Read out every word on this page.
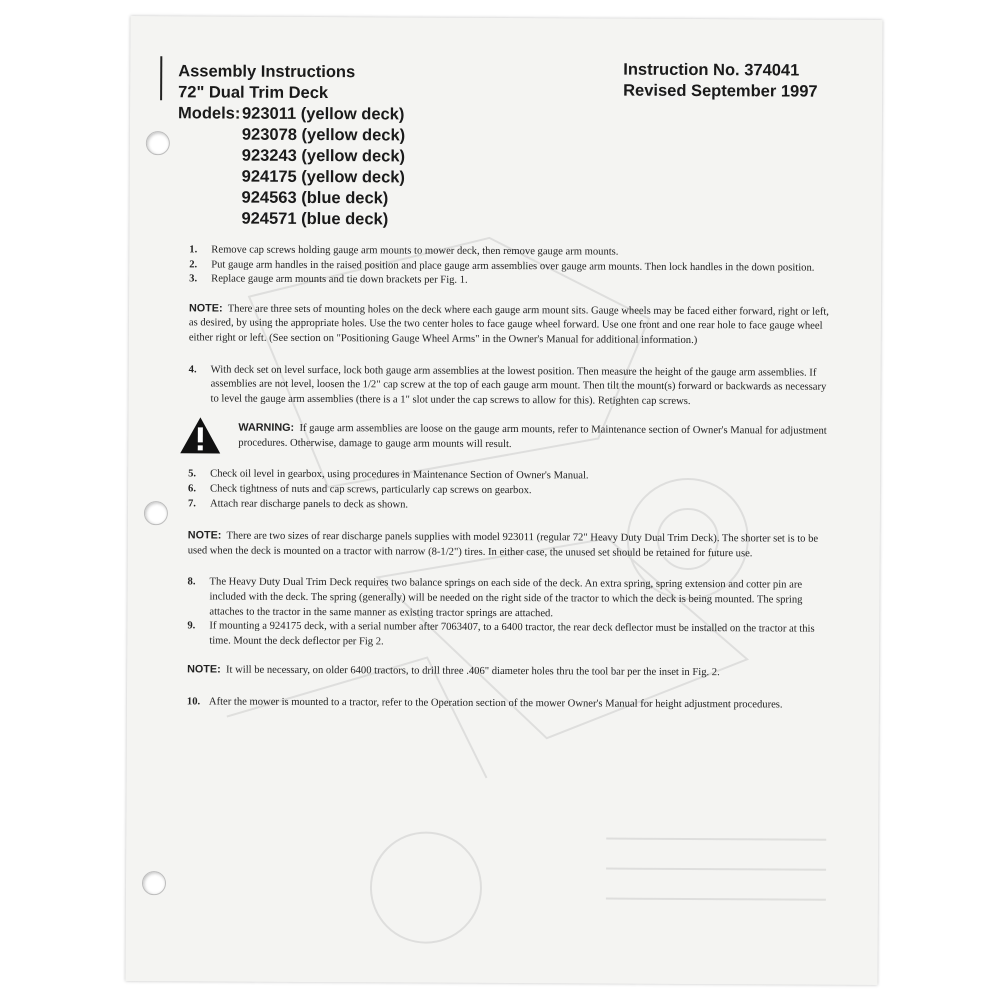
Assembly Instructions
72" Dual Trim Deck
Models: 923011 (yellow deck)
923078 (yellow deck)
923243 (yellow deck)
924175 (yellow deck)
924563 (blue deck)
924571 (blue deck)
Instruction No. 374041
Revised September 1997
1.	Remove cap screws holding gauge arm mounts to mower deck, then remove gauge arm mounts.
2.	Put gauge arm handles in the raised position and place gauge arm assemblies over gauge arm mounts. Then lock handles in the down position.
3.	Replace gauge arm mounts and tie down brackets per Fig. 1.

NOTE: There are three sets of mounting holes on the deck where each gauge arm mount sits. Gauge wheels may be faced either forward, right or left, as desired, by using the appropriate holes. Use the two center holes to face gauge wheel forward. Use one front and one rear hole to face gauge wheel either right or left. (See section on "Positioning Gauge Wheel Arms" in the Owner's Manual for additional information.)

4.	With deck set on level surface, lock both gauge arm assemblies at the lowest position. Then measure the height of the gauge arm assemblies. If assemblies are not level, loosen the 1/2" cap screw at the top of each gauge arm mount. Then tilt the mount(s) forward or backwards as necessary to level the gauge arm assemblies (there is a 1" slot under the cap screws to allow for this). Retighten cap screws.
WARNING: If gauge arm assemblies are loose on the gauge arm mounts, refer to Maintenance section of Owner's Manual for adjustment procedures. Otherwise, damage to gauge arm mounts will result.
5.	Check oil level in gearbox, using procedures in Maintenance Section of Owner's Manual.
6.	Check tightness of nuts and cap screws, particularly cap screws on gearbox.
7.	Attach rear discharge panels to deck as shown.

NOTE: There are two sizes of rear discharge panels supplies with model 923011 (regular 72" Heavy Duty Dual Trim Deck). The shorter set is to be used when the deck is mounted on a tractor with narrow (8-1/2") tires. In either case, the unused set should be retained for future use.

8.	The Heavy Duty Dual Trim Deck requires two balance springs on each side of the deck. An extra spring, spring extension and cotter pin are included with the deck. The spring (generally) will be needed on the right side of the tractor to which the deck is being mounted. The spring attaches to the tractor in the same manner as existing tractor springs are attached.
9.	If mounting a 924175 deck, with a serial number after 7063407, to a 6400 tractor, the rear deck deflector must be installed on the tractor at this time. Mount the deck deflector per Fig 2.

NOTE: It will be necessary, on older 6400 tractors, to drill three .406" diameter holes thru the tool bar per the inset in Fig. 2.

10. After the mower is mounted to a tractor, refer to the Operation section of the mower Owner's Manual for height adjustment procedures.
